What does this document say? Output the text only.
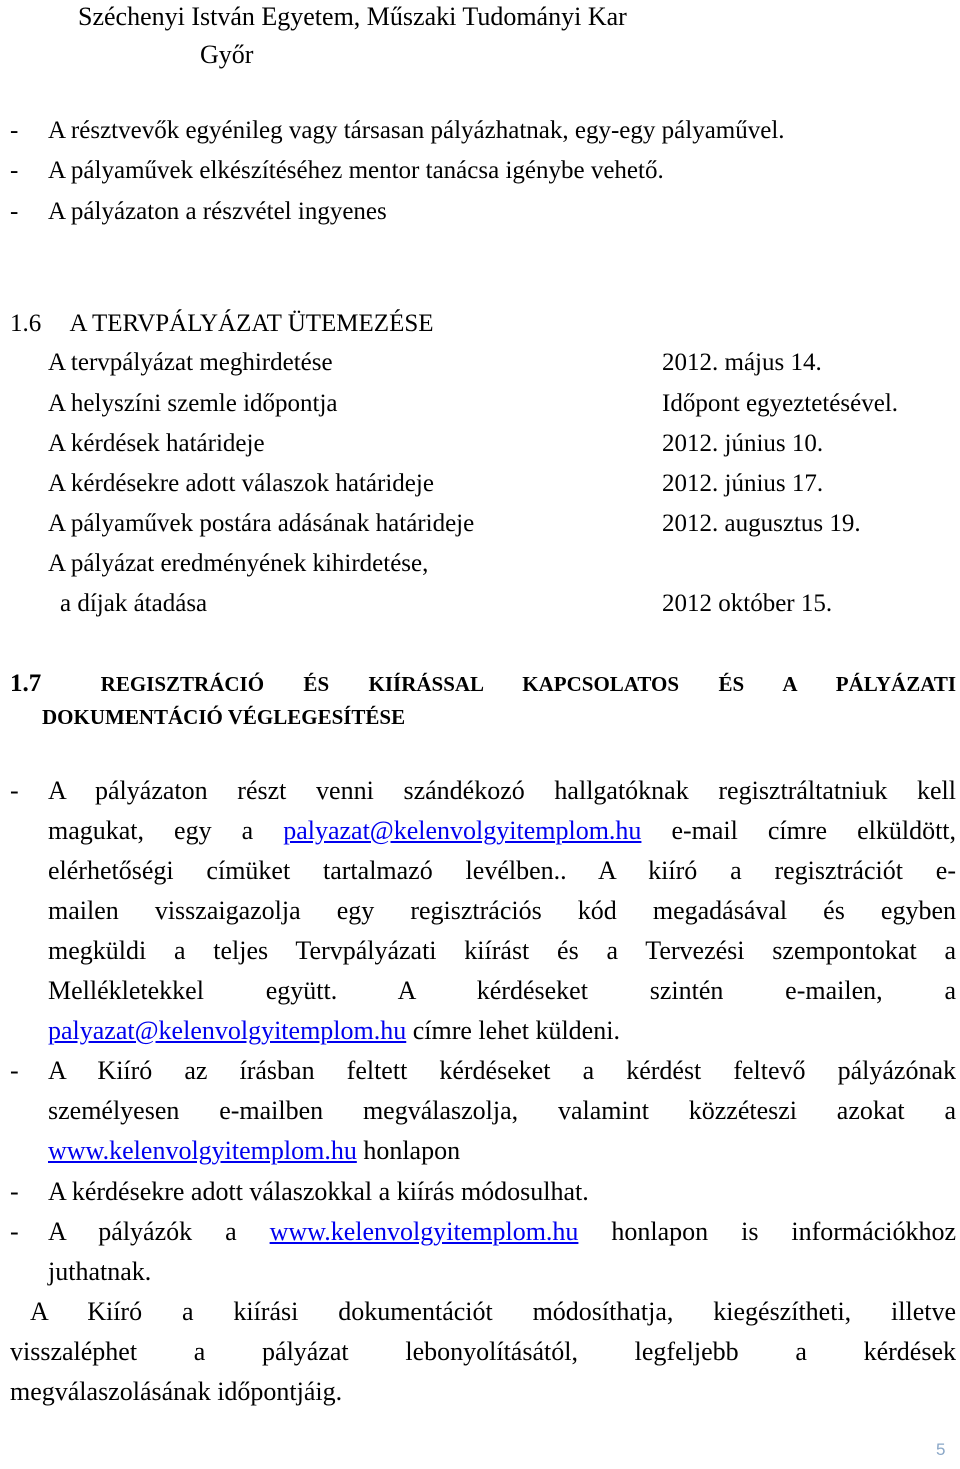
Széchenyi István Egyetem, Műszaki Tudományi Kar
Győr
-	A résztvevők egyénileg vagy társasan pályázhatnak, egy-egy pályaművel.
-	A pályaművek elkészítéséhez mentor tanácsa igénybe vehető.
-	A pályázaton a részvétel ingyenes
1.6 A TERVPÁLYÁZAT ÜTEMEZÉSE
A tervpályázat meghirdetése	2012. május 14.
A helyszíni szemle időpontja	Időpont egyeztetésével.
A kérdések határideje	2012. június 10.
A kérdésekre adott válaszok határideje	2012. június 17.
A pályaművek postára adásának határideje	2012. augusztus 19.
A pályázat eredményének kihirdetése,
a díjak átadása	2012 október 15.
1.7	REGISZTRÁCIÓ ÉS KIÍRÁSSAL KAPCSOLATOS ÉS A PÁLYÁZATI
DOKUMENTÁCIÓ VÉGLEGESÍTÉSE
- A pályázaton részt venni szándékozó hallgatóknak regisztráltatniuk kell
magukat, egy a palyazat@kelenvolgyitemplom.hu e-mail címre elküldött,
elérhetőségi címüket tartalmazó levélben.. A kiíró a regisztrációt e-
mailen visszaigazolja egy regisztrációs kód megadásával és egyben
megküldi a teljes Tervpályázati kiírást és a Tervezési szempontokat a
Mellékletekkel együtt. A kérdéseket szintén e-mailen, a
palyazat@kelenvolgyitemplom.hu címre lehet küldeni.
- A Kiíró az írásban feltett kérdéseket a kérdést feltevő pályázónak
személyesen e-mailben megválaszolja, valamint közzéteszi azokat a
www.kelenvolgyitemplom.hu honlapon
- A kérdésekre adott válaszokkal a kiírás módosulhat.
- A pályázók a www.kelenvolgyitemplom.hu honlapon is információkhoz
juthatnak.
A Kiíró a kiírási dokumentációt módosíthatja, kiegészítheti, illetve
visszaléphet a pályázat lebonyolításától, legfeljebb a kérdések
megválaszolásának időpontjáig.
5
